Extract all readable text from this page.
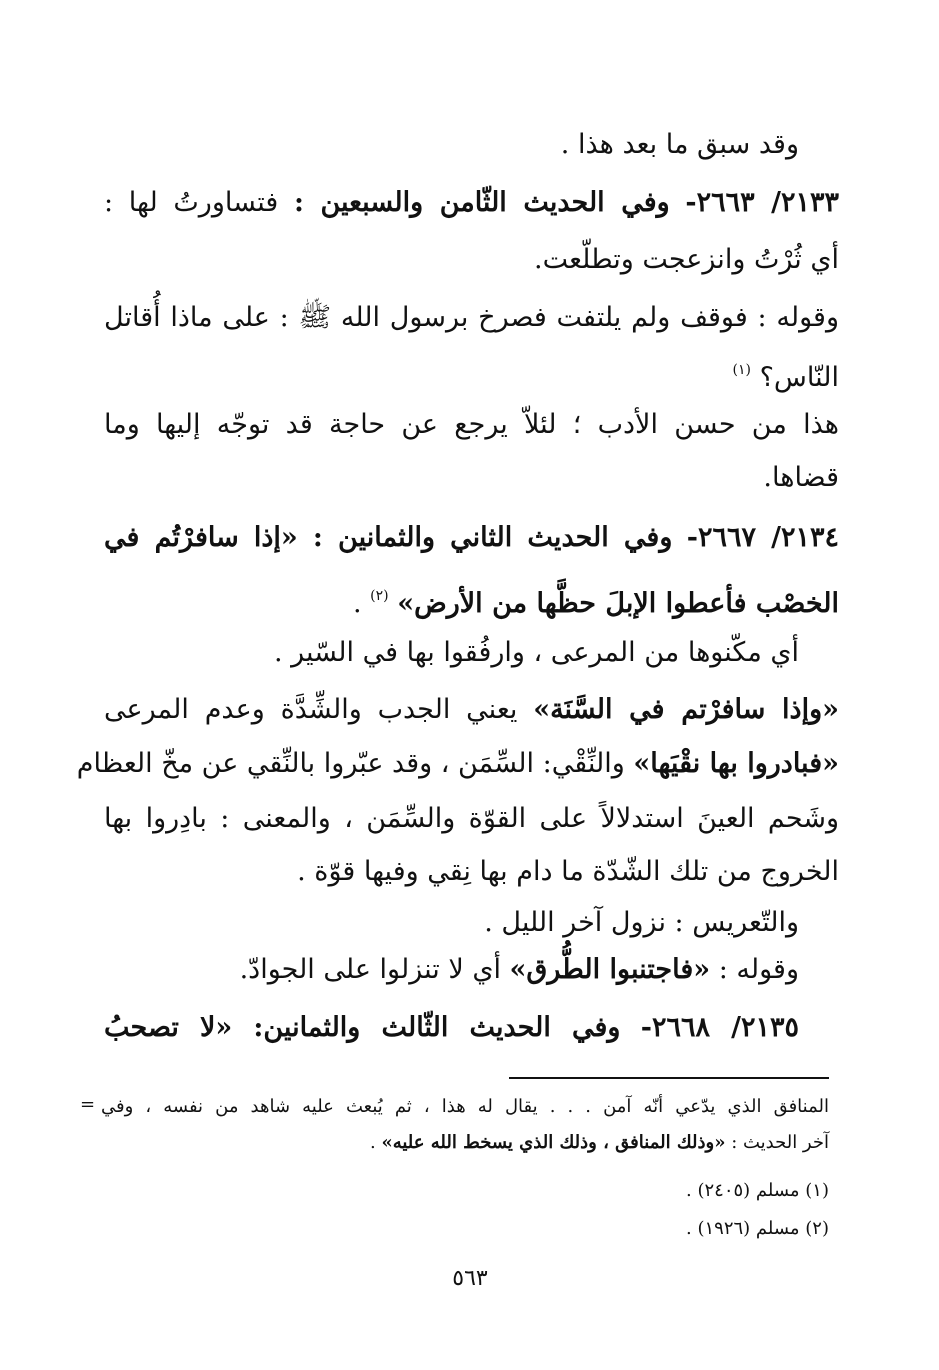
وقد سبق ما بعد هذا .
٢١٣٣/ ٢٦٦٣- وفي الحديث الثّامن والسبعين : فتساورتُ لها :
أي ثُرْتُ وانزعجت وتطلّعت.
وقوله : فوقف ولم يلتفت فصرخ برسول الله ﷺ : على ماذا أُقاتل
النّاس؟ $^{(١)}$
هذا من حسن الأدب ؛ لئلاّ يرجع عن حاجة قد توجّه إليها وما
قضاها.
٢١٣٤/ ٢٦٦٧- وفي الحديث الثاني والثمانين : «إذا سافرْتُم في
الخصْب فأعطوا الإبلَ حظَّها من الأرض» $^{(٢)}$ .
أي مكّنوها من المرعى ، وارفُقوا بها في السّير .
«وإذا سافرْتم في السَّنَة» يعني الجدب والشِّدَّة وعدم المرعى
«فبادروا بها نقْيَها» والنِّقْي: السِّمَن ، وقد عبّروا بالنِّقي عن مخّ العظام
وشَحم العينَ استدلالاً على القوّة والسِّمَن ، والمعنى : بادِروا بها
الخروج من تلك الشّدّة ما دام بها نِقي وفيها قوّة .
والتّعريس : نزول آخر الليل .
وقوله : «فاجتنبوا الطُّرق» أي لا تنزلوا على الجوادّ.
٢١٣٥/ ٢٦٦٨- وفي الحديث الثّالث والثمانين: «لا تصحبُ
= المنافق الذي يدّعي أنّه آمن . . . يقال له هذا ، ثم يُبعث عليه شاهد من نفسه ، وفي
آخر الحديث : «وذلك المنافق ، وذلك الذي يسخط الله عليه» .
(١) مسلم (٢٤٠٥) .
(٢) مسلم (١٩٢٦) .
٥٦٣
